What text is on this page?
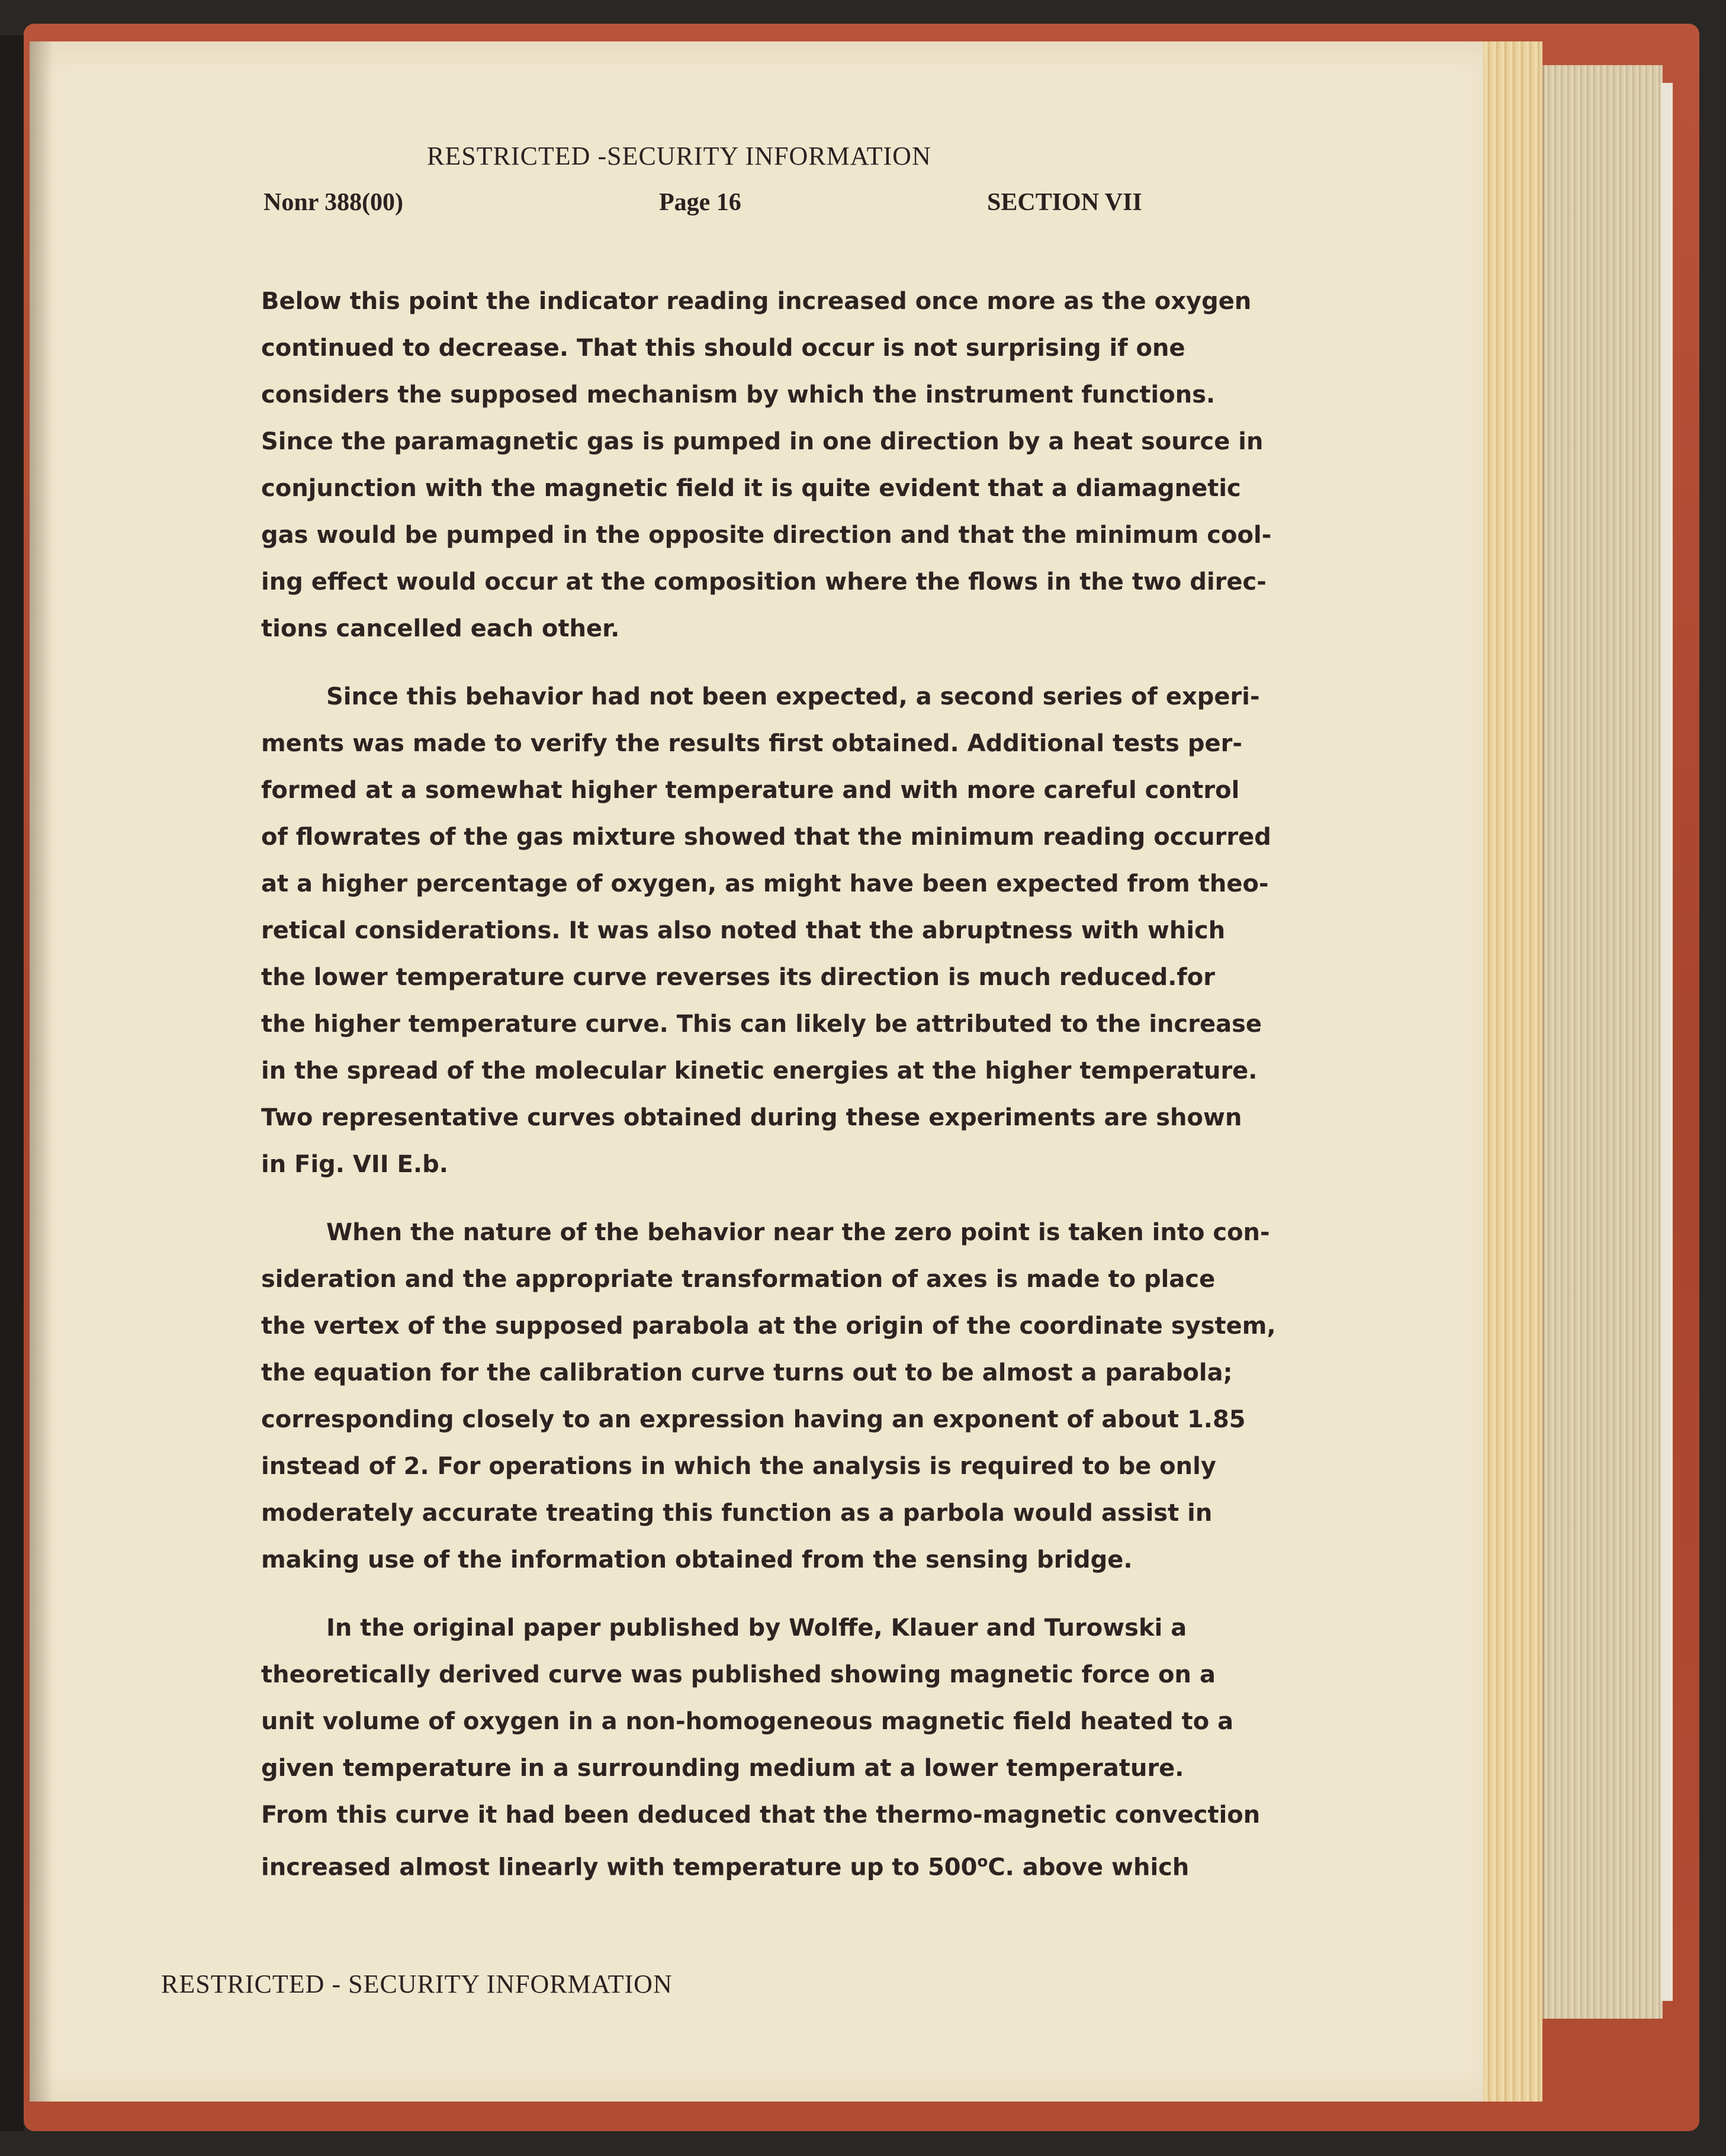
RESTRICTED -SECURITY INFORMATION
Nonr 388(00)	Page 16	SECTION VII
Below this point the indicator reading increased once more as the oxygen
continued to decrease. That this should occur is not surprising if one
considers the supposed mechanism by which the instrument functions.
Since the paramagnetic gas is pumped in one direction by a heat source in
conjunction with the magnetic field it is quite evident that a diamagnetic
gas would be pumped in the opposite direction and that the minimum cool-
ing effect would occur at the composition where the flows in the two direc-
tions cancelled each other.
Since this behavior had not been expected, a second series of experi-
ments was made to verify the results first obtained. Additional tests per-
formed at a somewhat higher temperature and with more careful control
of flowrates of the gas mixture showed that the minimum reading occurred
at a higher percentage of oxygen, as might have been expected from theo-
retical considerations. It was also noted that the abruptness with which
the lower temperature curve reverses its direction is much reduced.for
the higher temperature curve. This can likely be attributed to the increase
in the spread of the molecular kinetic energies at the higher temperature.
Two representative curves obtained during these experiments are shown
in Fig. VII E.b.
When the nature of the behavior near the zero point is taken into con-
sideration and the appropriate transformation of axes is made to place
the vertex of the supposed parabola at the origin of the coordinate system,
the equation for the calibration curve turns out to be almost a parabola;
corresponding closely to an expression having an exponent of about 1.85
instead of 2. For operations in which the analysis is required to be only
moderately accurate treating this function as a parbola would assist in
making use of the information obtained from the sensing bridge.
In the original paper published by Wolffe, Klauer and Turowski a
theoretically derived curve was published showing magnetic force on a
unit volume of oxygen in a non-homogeneous magnetic field heated to a
given temperature in a surrounding medium at a lower temperature.
From this curve it had been deduced that the thermo-magnetic convection
increased almost linearly with temperature up to 500$^o$C. above which
RESTRICTED - SECURITY INFORMATION
